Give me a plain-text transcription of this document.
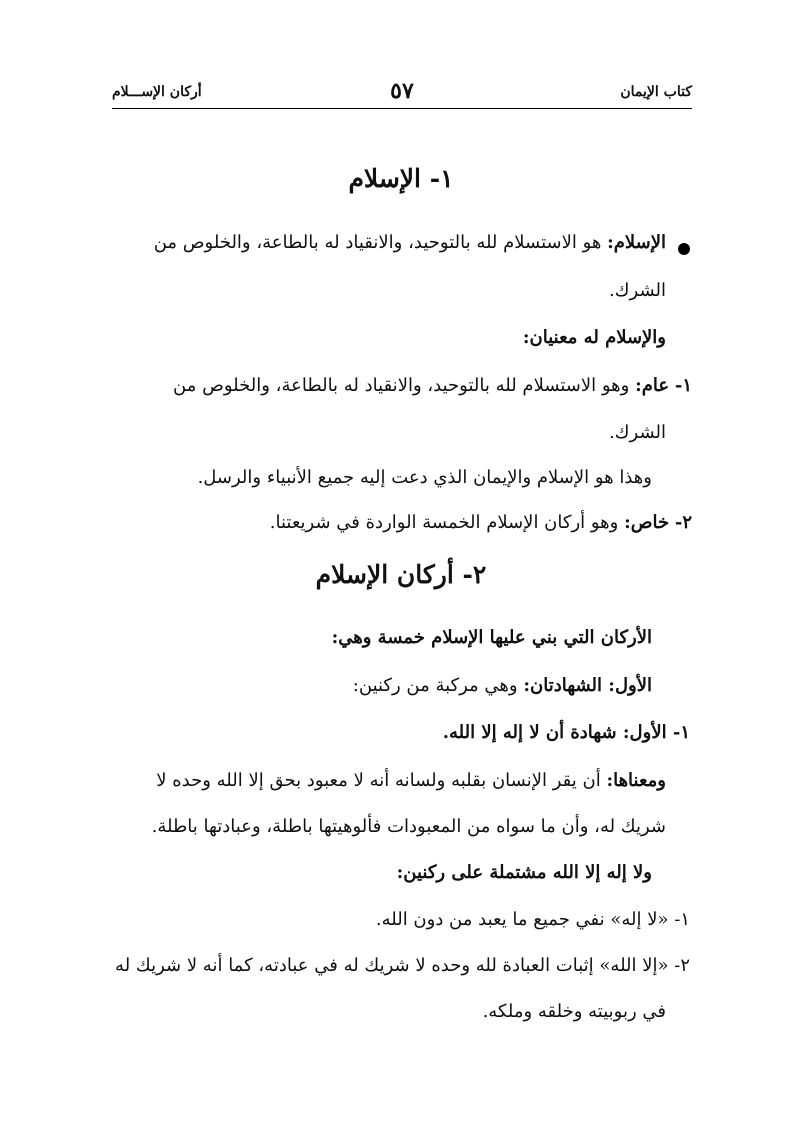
كتاب الإيمان
٥٧
أركان الإســـلام
١- الإسلام
الإسلام: هو الاستسلام لله بالتوحيد، والانقياد له بالطاعة، والخلوص من
الشرك.
والإسلام له معنيان:
١- عام: وهو الاستسلام لله بالتوحيد، والانقياد له بالطاعة، والخلوص من
الشرك.
وهذا هو الإسلام والإيمان الذي دعت إليه جميع الأنبياء والرسل.
٢- خاص: وهو أركان الإسلام الخمسة الواردة في شريعتنا.
٢- أركان الإسلام
الأركان التي بني عليها الإسلام خمسة وهي:
الأول: الشهادتان: وهي مركبة من ركنين:
١- الأول: شهادة أن لا إله إلا الله.
ومعناها: أن يقر الإنسان بقلبه ولسانه أنه لا معبود بحق إلا الله وحده لا
شريك له، وأن ما سواه من المعبودات فألوهيتها باطلة، وعبادتها باطلة.
ولا إله إلا الله مشتملة على ركنين:
١- «لا إله» نفي جميع ما يعبد من دون الله.
٢- «إلا الله» إثبات العبادة لله وحده لا شريك له في عبادته، كما أنه لا شريك له
في ربوبيته وخلقه وملكه.
